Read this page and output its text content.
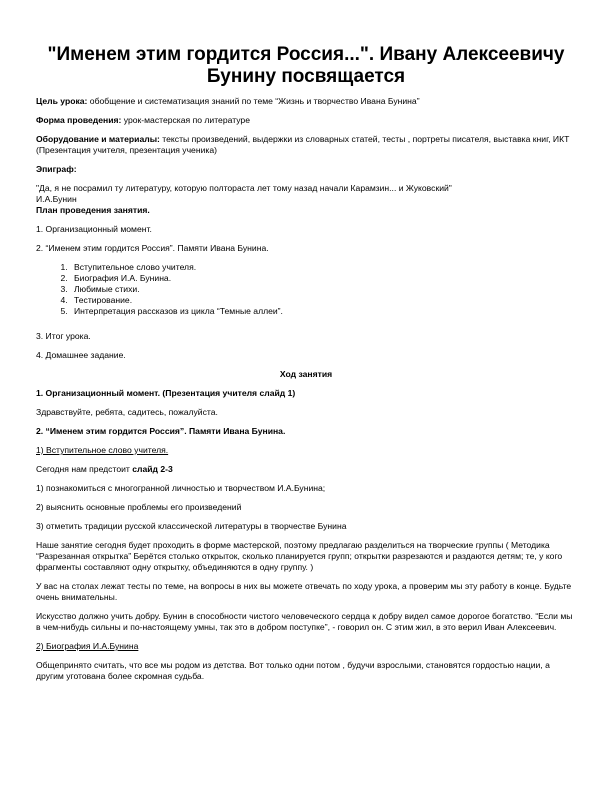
"Именем этим гордится Россия...". Ивану Алексеевичу Бунину посвящается

Цель урока: обобщение и систематизация знаний по теме “Жизнь и творчество Ивана Бунина”

Форма проведения: урок-мастерская по литературе

Оборудование и материалы: тексты произведений, выдержки из словарных статей, тесты , портреты писателя, выставка книг, ИКТ (Презентация учителя, презентация ученика)

Эпиграф:

"Да, я не посрамил ту литературу, которую полтораста лет тому назад начали Карамзин... и Жуковский"

И.А.Бунин

План проведения занятия.

1. Организационный момент.

2. “Именем этим гордится Россия”. Памяти Ивана Бунина.

1. Вступительное слово учителя.
2. Биография И.А. Бунина.
3. Любимые стихи.
4. Тестирование.
5. Интерпретация рассказов из цикла “Темные аллеи”.

3. Итог урока.

4. Домашнее задание.

Ход занятия

1. Организационный момент. (Презентация учителя слайд 1)

Здравствуйте, ребята, садитесь, пожалуйста.

2. “Именем этим гордится Россия”. Памяти Ивана Бунина.

1) Вступительное слово учителя.

Сегодня нам предстоит слайд 2-3

1) познакомиться с многогранной личностью и творчеством И.А.Бунина;

2) выяснить основные проблемы его произведений

3) отметить традиции русской классической литературы в творчестве Бунина

Наше занятие сегодня будет проходить в форме мастерской, поэтому предлагаю разделиться на творческие группы ( Методика “Разрезанная открытка” Берётся столько открыток, сколько планируется групп; открытки разрезаются и раздаются детям; те, у кого фрагменты составляют одну открытку, объединяются в одну группу. )

У вас на столах лежат тесты по теме, на вопросы в них вы можете отвечать по ходу урока, а проверим мы эту работу в конце. Будьте очень внимательны.

Искусство должно учить добру. Бунин в способности чистого человеческого сердца к добру видел самое дорогое богатство. “Если мы в чем-нибудь сильны и по-настоящему умны, так это в добром поступке”, - говорил он. С этим жил, в это верил Иван Алексеевич.

2) Биография И.А.Бунина

Общепринято считать, что все мы родом из детства. Вот только одни потом , будучи взрослыми, становятся гордостью нации, а другим уготована более скромная судьба.
